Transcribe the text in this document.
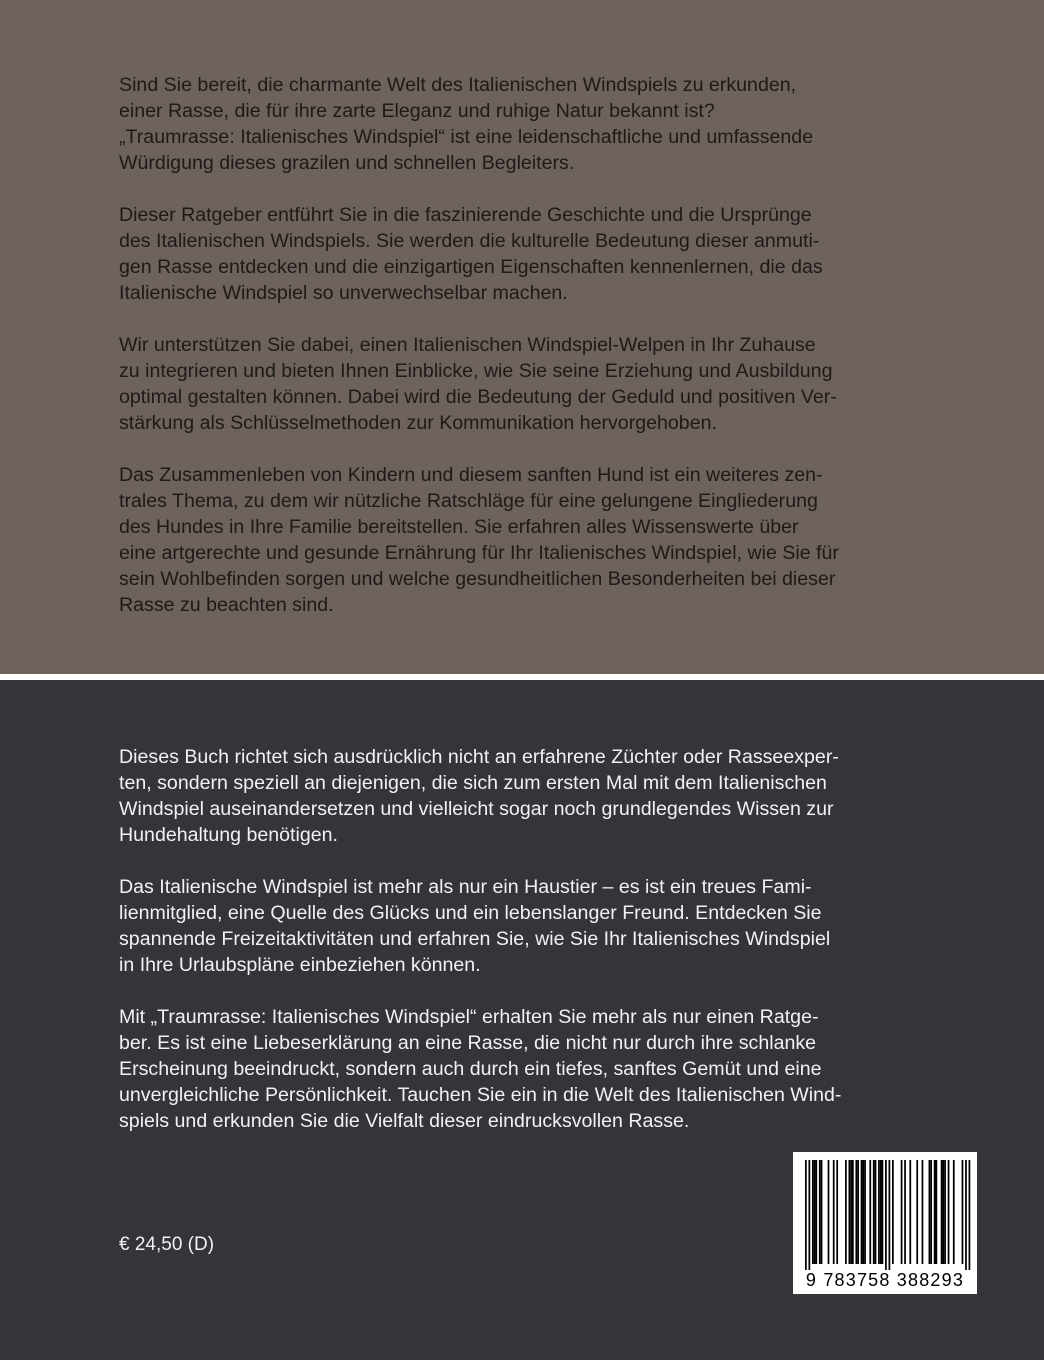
Sind Sie bereit, die charmante Welt des Italienischen Windspiels zu erkunden,
einer Rasse, die für ihre zarte Eleganz und ruhige Natur bekannt ist?
„Traumrasse: Italienisches Windspiel“ ist eine leidenschaftliche und umfassende
Würdigung dieses grazilen und schnellen Begleiters.

Dieser Ratgeber entführt Sie in die faszinierende Geschichte und die Ursprünge
des Italienischen Windspiels. Sie werden die kulturelle Bedeutung dieser anmuti-
gen Rasse entdecken und die einzigartigen Eigenschaften kennenlernen, die das
Italienische Windspiel so unverwechselbar machen.

Wir unterstützen Sie dabei, einen Italienischen Windspiel-Welpen in Ihr Zuhause
zu integrieren und bieten Ihnen Einblicke, wie Sie seine Erziehung und Ausbildung
optimal gestalten können. Dabei wird die Bedeutung der Geduld und positiven Ver-
stärkung als Schlüsselmethoden zur Kommunikation hervorgehoben.

Das Zusammenleben von Kindern und diesem sanften Hund ist ein weiteres zen-
trales Thema, zu dem wir nützliche Ratschläge für eine gelungene Eingliederung
des Hundes in Ihre Familie bereitstellen. Sie erfahren alles Wissenswerte über
eine artgerechte und gesunde Ernährung für Ihr Italienisches Windspiel, wie Sie für
sein Wohlbefinden sorgen und welche gesundheitlichen Besonderheiten bei dieser
Rasse zu beachten sind.

Dieses Buch richtet sich ausdrücklich nicht an erfahrene Züchter oder Rasseexper-
ten, sondern speziell an diejenigen, die sich zum ersten Mal mit dem Italienischen
Windspiel auseinandersetzen und vielleicht sogar noch grundlegendes Wissen zur
Hundehaltung benötigen.

Das Italienische Windspiel ist mehr als nur ein Haustier – es ist ein treues Fami-
lienmitglied, eine Quelle des Glücks und ein lebenslanger Freund. Entdecken Sie
spannende Freizeitaktivitäten und erfahren Sie, wie Sie Ihr Italienisches Windspiel
in Ihre Urlaubspläne einbeziehen können.

Mit „Traumrasse: Italienisches Windspiel“ erhalten Sie mehr als nur einen Ratge-
ber. Es ist eine Liebeserklärung an eine Rasse, die nicht nur durch ihre schlanke
Erscheinung beeindruckt, sondern auch durch ein tiefes, sanftes Gemüt und eine
unvergleichliche Persönlichkeit. Tauchen Sie ein in die Welt des Italienischen Wind-
spiels und erkunden Sie die Vielfalt dieser eindrucksvollen Rasse.

€ 24,50 (D)
9 783758 388293
